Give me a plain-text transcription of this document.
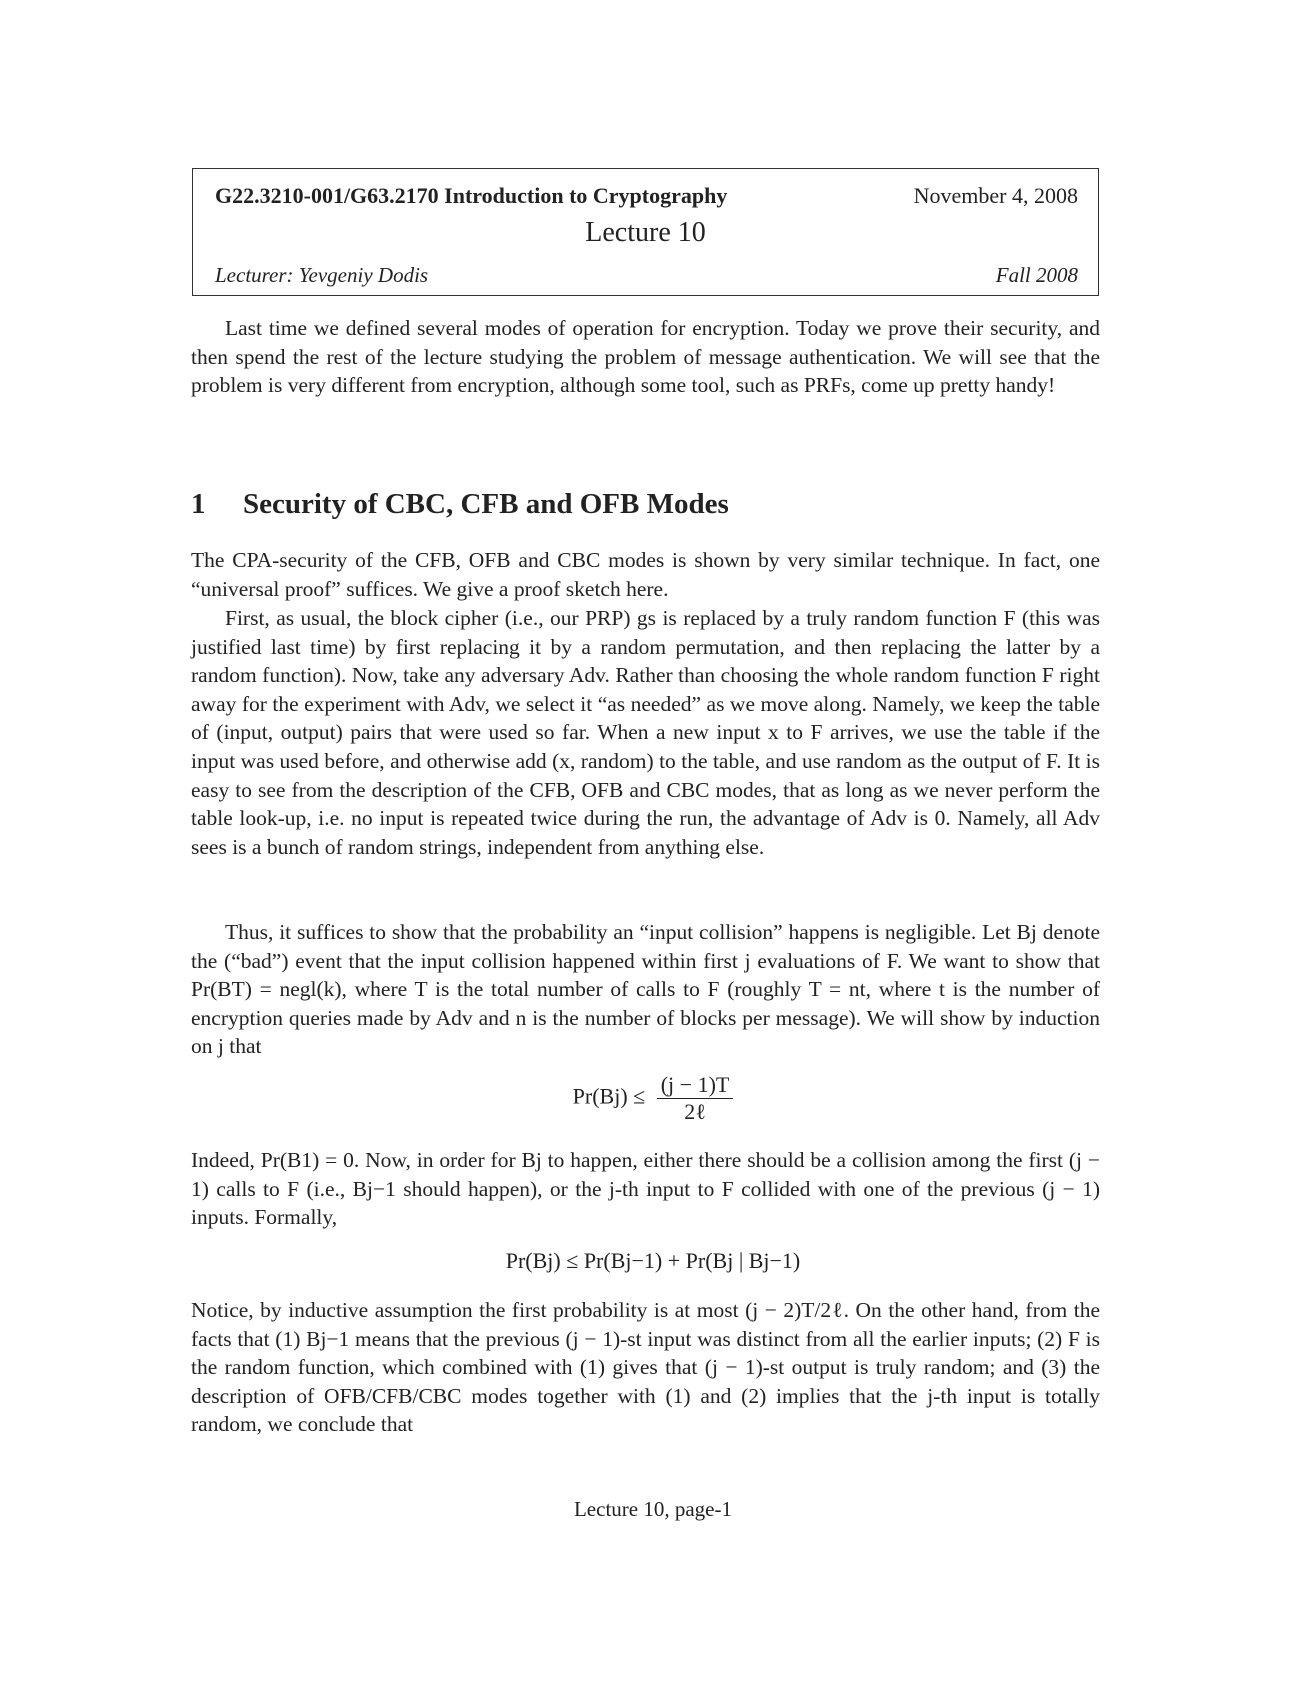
G22.3210-001/G63.2170 Introduction to Cryptography	November 4, 2008
Lecture 10
Lecturer: Yevgeniy Dodis	Fall 2008

Last time we defined several modes of operation for encryption. Today we prove their security, and then spend the rest of the lecture studying the problem of message authentication. We will see that the problem is very different from encryption, although some tool, such as PRFs, come up pretty handy!

1 Security of CBC, CFB and OFB Modes

The CPA-security of the CFB, OFB and CBC modes is shown by very similar technique. In fact, one “universal proof” suffices. We give a proof sketch here.

First, as usual, the block cipher (i.e., our PRP) gs is replaced by a truly random function F (this was justified last time) by first replacing it by a random permutation, and then replacing the latter by a random function). Now, take any adversary Adv. Rather than choosing the whole random function F right away for the experiment with Adv, we select it “as needed” as we move along. Namely, we keep the table of (input, output) pairs that were used so far. When a new input x to F arrives, we use the table if the input was used before, and otherwise add (x, random) to the table, and use random as the output of F. It is easy to see from the description of the CFB, OFB and CBC modes, that as long as we never perform the table look-up, i.e. no input is repeated twice during the run, the advantage of Adv is 0. Namely, all Adv sees is a bunch of random strings, independent from anything else.

Thus, it suffices to show that the probability an “input collision” happens is negligible. Let Bj denote the (“bad”) event that the input collision happened within first j evaluations of F. We want to show that Pr(BT) = negl(k), where T is the total number of calls to F (roughly T = nt, where t is the number of encryption queries made by Adv and n is the number of blocks per message). We will show by induction on j that

$Pr(Bj) \le \frac{(j - 1)T}{\text{2ℓ}}$

Indeed, Pr(B1) = 0. Now, in order for Bj to happen, either there should be a collision among the first (j − 1) calls to F (i.e., Bj−1 should happen), or the j-th input to F collided with one of the previous (j − 1) inputs. Formally,

Pr(Bj) ≤ Pr(Bj−1) + Pr(Bj | Bj−1)

Notice, by inductive assumption the first probability is at most (j − 2)T/2ℓ. On the other hand, from the facts that (1) Bj−1 means that the previous (j − 1)-st input was distinct from all the earlier inputs; (2) F is the random function, which combined with (1) gives that (j − 1)-st output is truly random; and (3) the description of OFB/CFB/CBC modes together with (1) and (2) implies that the j-th input is totally random, we conclude that

Lecture 10, page-1
